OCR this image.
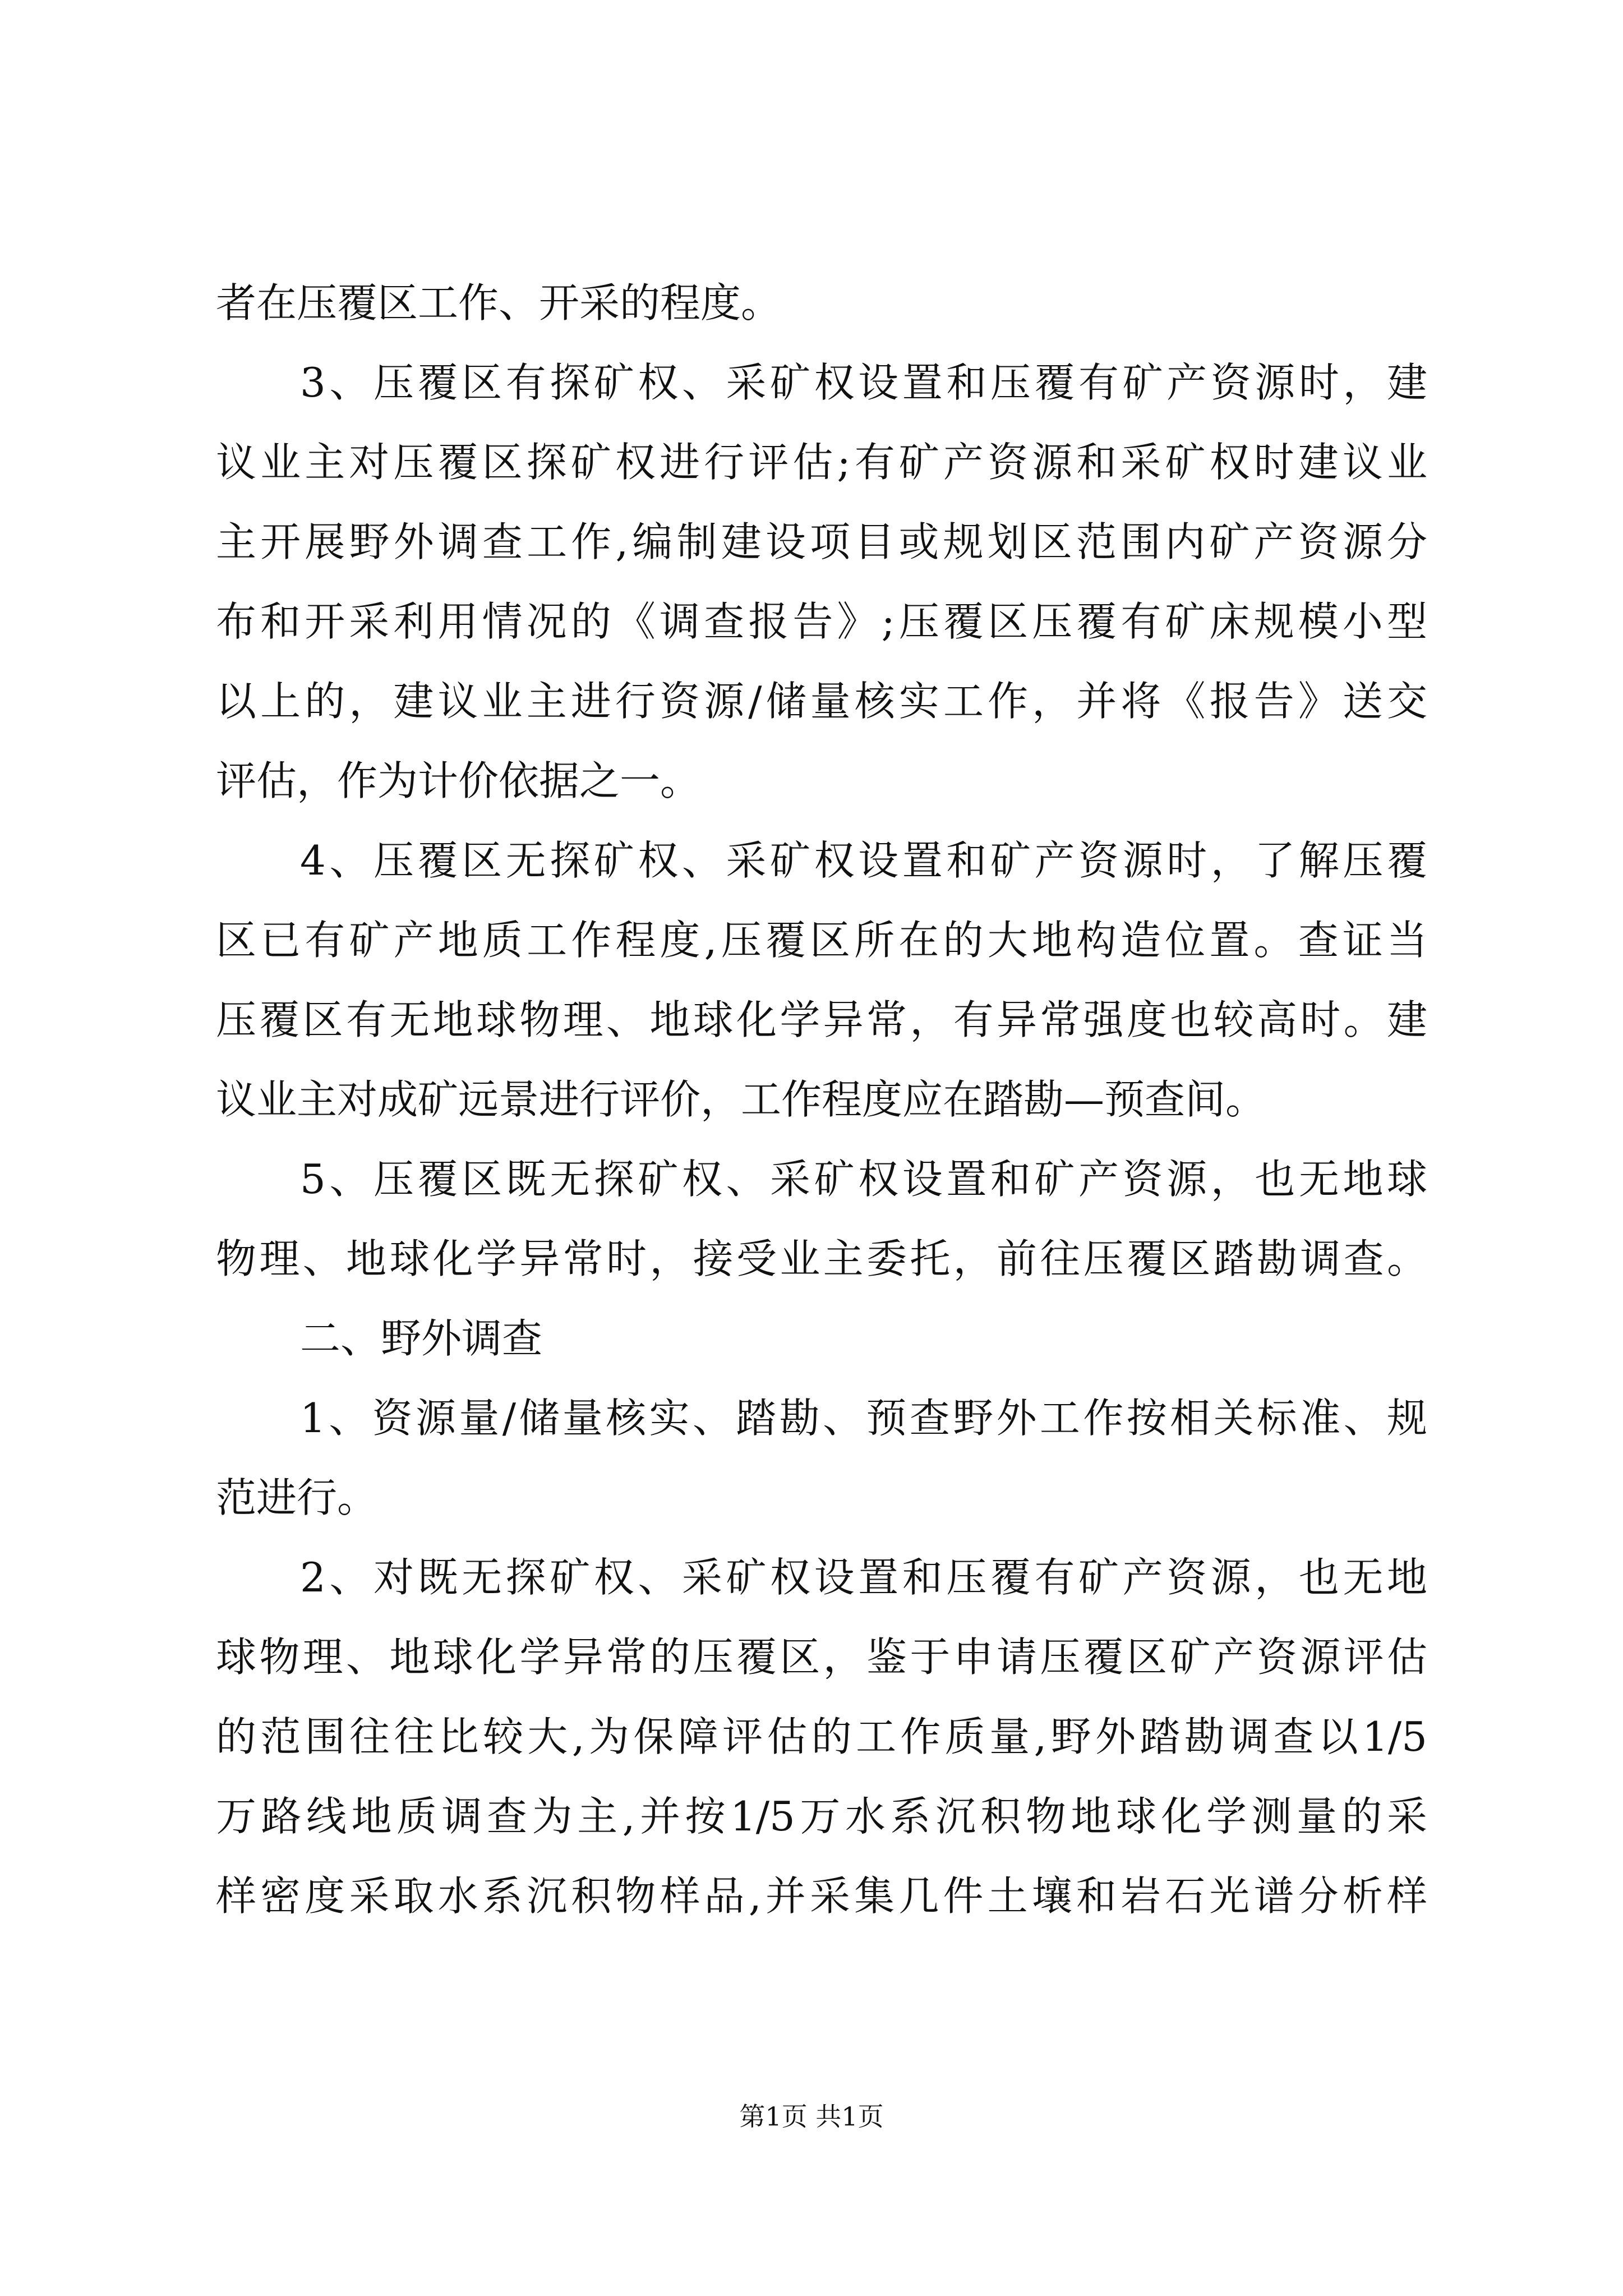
者在压覆区工作、开采的程度。
3、压覆区有探矿权、采矿权设置和压覆有矿产资源时，建
议业主对压覆区探矿权进行评估;有矿产资源和采矿权时建议业
主开展野外调查工作,编制建设项目或规划区范围内矿产资源分
布和开采利用情况的《调查报告》;压覆区压覆有矿床规模小型
以上的，建议业主进行资源/储量核实工作，并将《报告》送交
评估，作为计价依据之一。
4、压覆区无探矿权、采矿权设置和矿产资源时，了解压覆
区已有矿产地质工作程度,压覆区所在的大地构造位置。查证当
压覆区有无地球物理、地球化学异常，有异常强度也较高时。建
议业主对成矿远景进行评价，工作程度应在踏勘—预查间。
5、压覆区既无探矿权、采矿权设置和矿产资源，也无地球
物理、地球化学异常时，接受业主委托，前往压覆区踏勘调查。
二、野外调查
1、资源量/储量核实、踏勘、预查野外工作按相关标准、规
范进行。
2、对既无探矿权、采矿权设置和压覆有矿产资源，也无地
球物理、地球化学异常的压覆区，鉴于申请压覆区矿产资源评估
的范围往往比较大,为保障评估的工作质量,野外踏勘调查以1/5
万路线地质调查为主,并按1/5万水系沉积物地球化学测量的采
样密度采取水系沉积物样品,并采集几件土壤和岩石光谱分析样
第1页 共1页
